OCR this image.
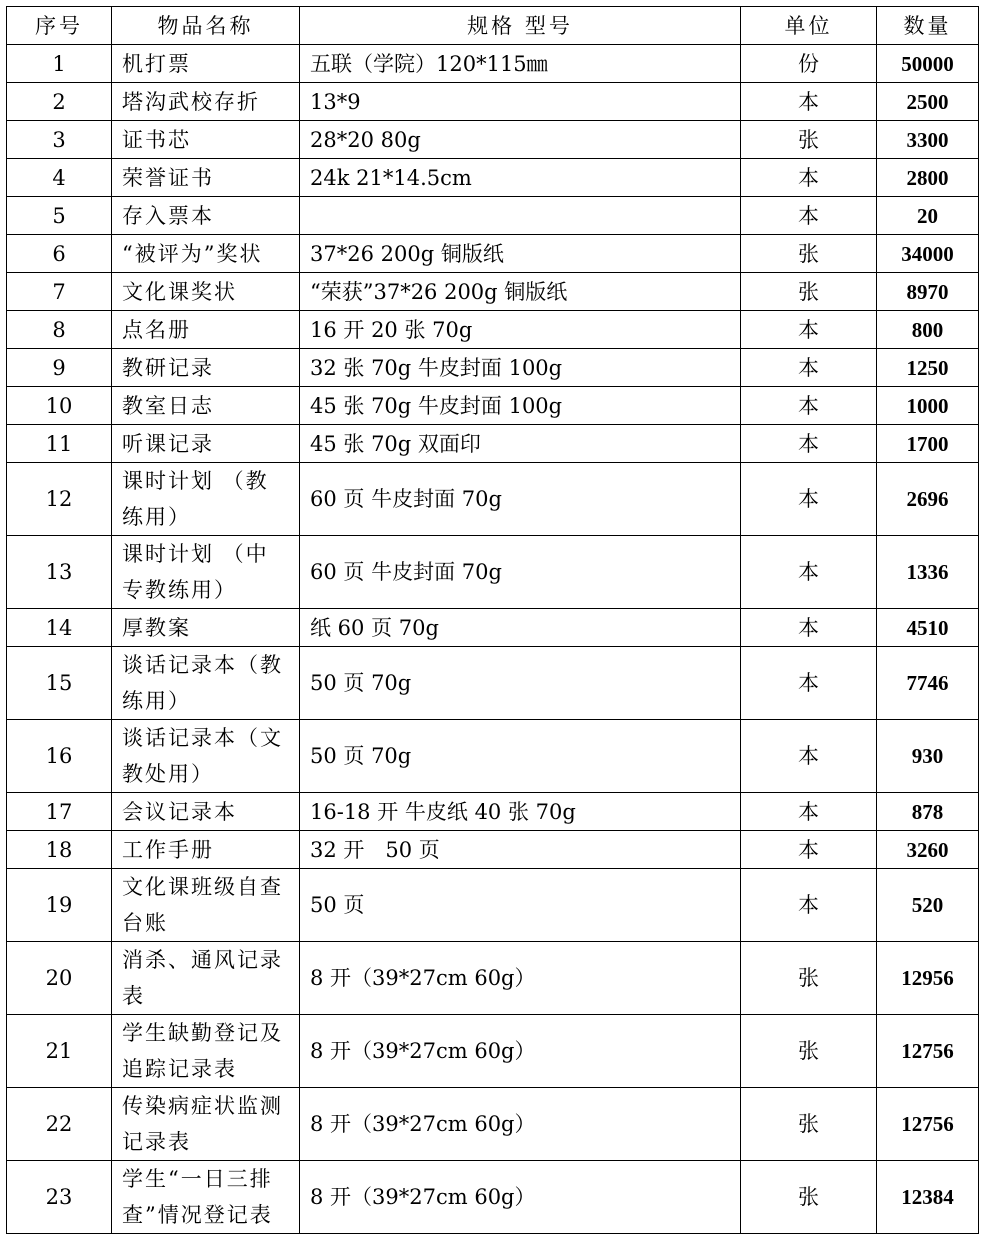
序号	物品名称	规格 型号	单位	数量
1	机打票	五联（学院）120*115㎜	份	50000
2	塔沟武校存折	13*9	本	2500
3	证书芯	28*20 80g	张	3300
4	荣誉证书	24k 21*14.5cm	本	2800
5	存入票本		本	20
6	“被评为”奖状	37*26 200g 铜版纸	张	34000
7	文化课奖状	“荣获”37*26 200g 铜版纸	张	8970
8	点名册	16 开 20 张 70g	本	800
9	教研记录	32 张 70g 牛皮封面 100g	本	1250
10	教室日志	45 张 70g 牛皮封面 100g	本	1000
11	听课记录	45 张 70g 双面印	本	1700
12	课时计划 （教练用）	60 页 牛皮封面 70g	本	2696
13	课时计划 （中专教练用）	60 页 牛皮封面 70g	本	1336
14	厚教案	纸 60 页 70g	本	4510
15	谈话记录本（教练用）	50 页 70g	本	7746
16	谈话记录本（文教处用）	50 页 70g	本	930
17	会议记录本	16-18 开 牛皮纸 40 张 70g	本	878
18	工作手册	32 开　50 页	本	3260
19	文化课班级自查台账	50 页	本	520
20	消杀、通风记录表	8 开（39*27cm 60g）	张	12956
21	学生缺勤登记及追踪记录表	8 开（39*27cm 60g）	张	12756
22	传染病症状监测记录表	8 开（39*27cm 60g）	张	12756
23	学生“一日三排查”情况登记表	8 开（39*27cm 60g）	张	12384
